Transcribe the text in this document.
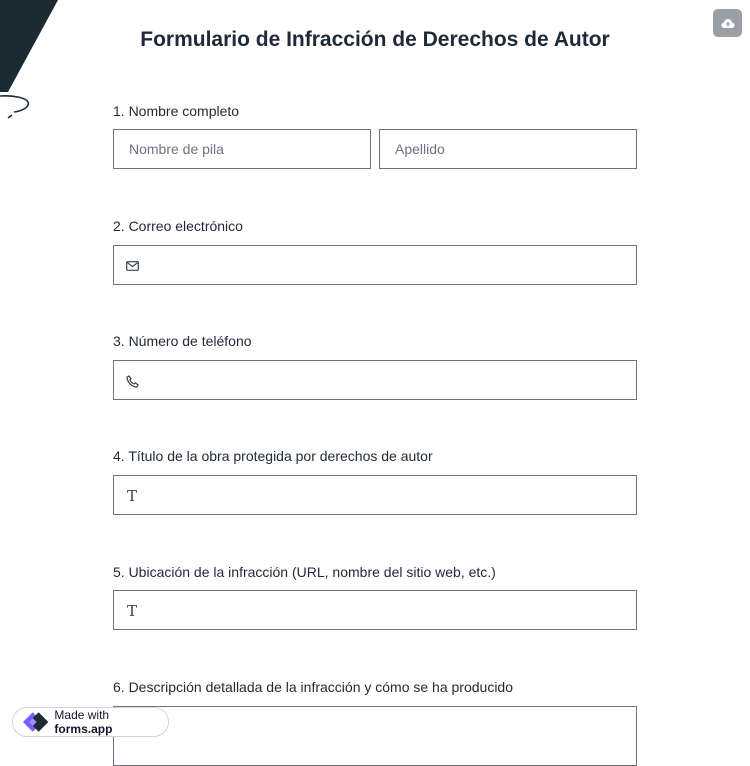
Formulario de Infracción de Derechos de Autor
1. Nombre completo
Nombre de pila	Apellido
2. Correo electrónico
3. Número de teléfono
4. Título de la obra protegida por derechos de autor
T
5. Ubicación de la infracción (URL, nombre del sitio web, etc.)
T
6. Descripción detallada de la infracción y cómo se ha producido
Made with forms.app
